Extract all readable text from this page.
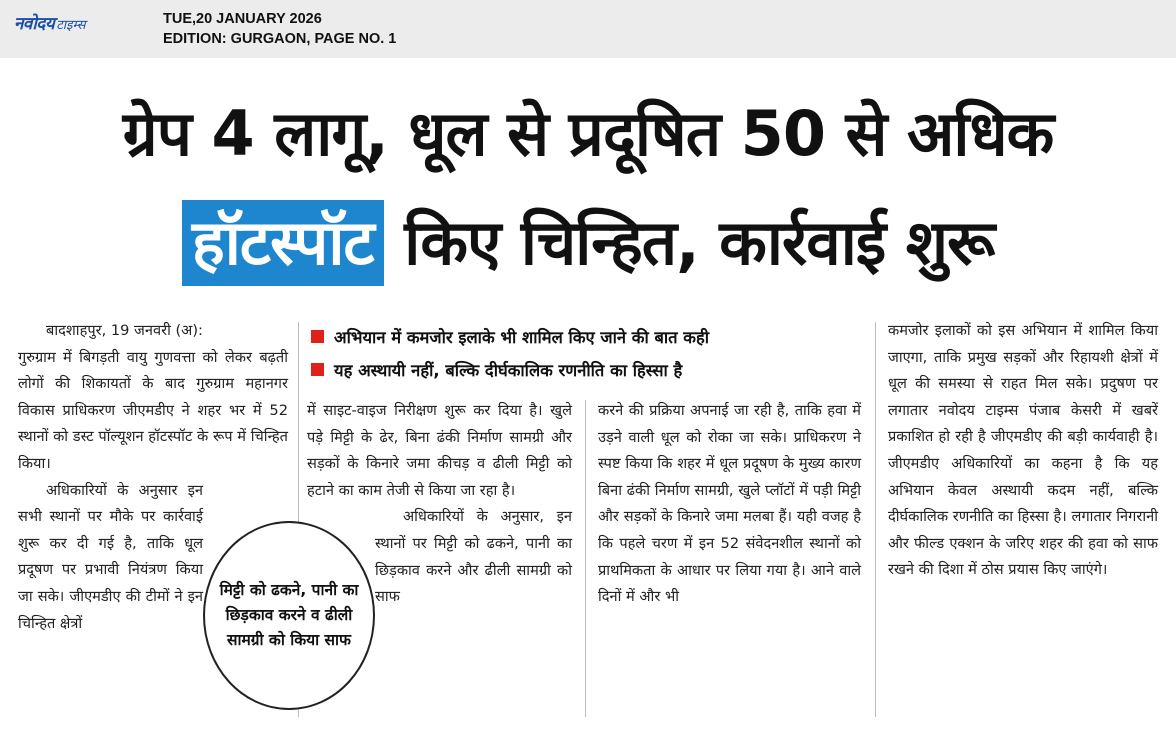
नवोदय टाइम्स	TUE,20 JANUARY 2026
EDITION: GURGAON, PAGE NO. 1
ग्रेप 4 लागू, धूल से प्रदूषित 50 से अधिक
हॉटस्पॉट किए चिन्हित, कार्रवाई शुरू

बादशाहपुर, 19 जनवरी (अ):

गुरुग्राम में बिगड़ती वायु गुणवत्ता को लेकर बढ़ती लोगों की शिकायतों के बाद गुरुग्राम महानगर विकास प्राधिकरण जीएमडीए ने शहर भर में 52 स्थानों को डस्ट पॉल्यूशन हॉटस्पॉट के रूप में चिन्हित किया।

अधिकारियों के अनुसार इन सभी स्थानों पर मौके पर कार्रवाई शुरू कर दी गई है, ताकि धूल प्रदूषण पर प्रभावी नियंत्रण किया जा सके। जीएमडीए की टीमों ने इन चिन्हित क्षेत्रों

अभियान में कमजोर इलाके भी शामिल किए जाने की बात कही
यह अस्थायी नहीं, बल्कि दीर्घकालिक रणनीति का हिस्सा है

में साइट-वाइज निरीक्षण शुरू कर दिया है। खुले पड़े मिट्टी के ढेर, बिना ढंकी निर्माण सामग्री और सड़कों के किनारे जमा कीचड़ व ढीली मिट्टी को हटाने का काम तेजी से किया जा रहा है।

अधिकारियों के अनुसार, इन स्थानों पर मिट्टी को ढकने, पानी का छिड़काव करने और ढीली सामग्री को साफ

करने की प्रक्रिया अपनाई जा रही है, ताकि हवा में उड़ने वाली धूल को रोका जा सके। प्राधिकरण ने स्पष्ट किया कि शहर में धूल प्रदूषण के मुख्य कारण बिना ढंकी निर्माण सामग्री, खुले प्लॉटों में पड़ी मिट्टी और सड़कों के किनारे जमा मलबा हैं। यही वजह है कि पहले चरण में इन 52 संवेदनशील स्थानों को प्राथमिकता के आधार पर लिया गया है। आने वाले दिनों में और भी

कमजोर इलाकों को इस अभियान में शामिल किया जाएगा, ताकि प्रमुख सड़कों और रिहायशी क्षेत्रों में धूल की समस्या से राहत मिल सके। प्रदुषण पर लगातार नवोदय टाइम्स पंजाब केसरी में खबरें प्रकाशित हो रही है जीएमडीए की बड़ी कार्यवाही है। जीएमडीए अधिकारियों का कहना है कि यह अभियान केवल अस्थायी कदम नहीं, बल्कि दीर्घकालिक रणनीति का हिस्सा है। लगातार निगरानी और फील्ड एक्शन के जरिए शहर की हवा को साफ रखने की दिशा में ठोस प्रयास किए जाएंगे।

मिट्टी को ढकने, पानी का छिड़काव करने व ढीली सामग्री को किया साफ
